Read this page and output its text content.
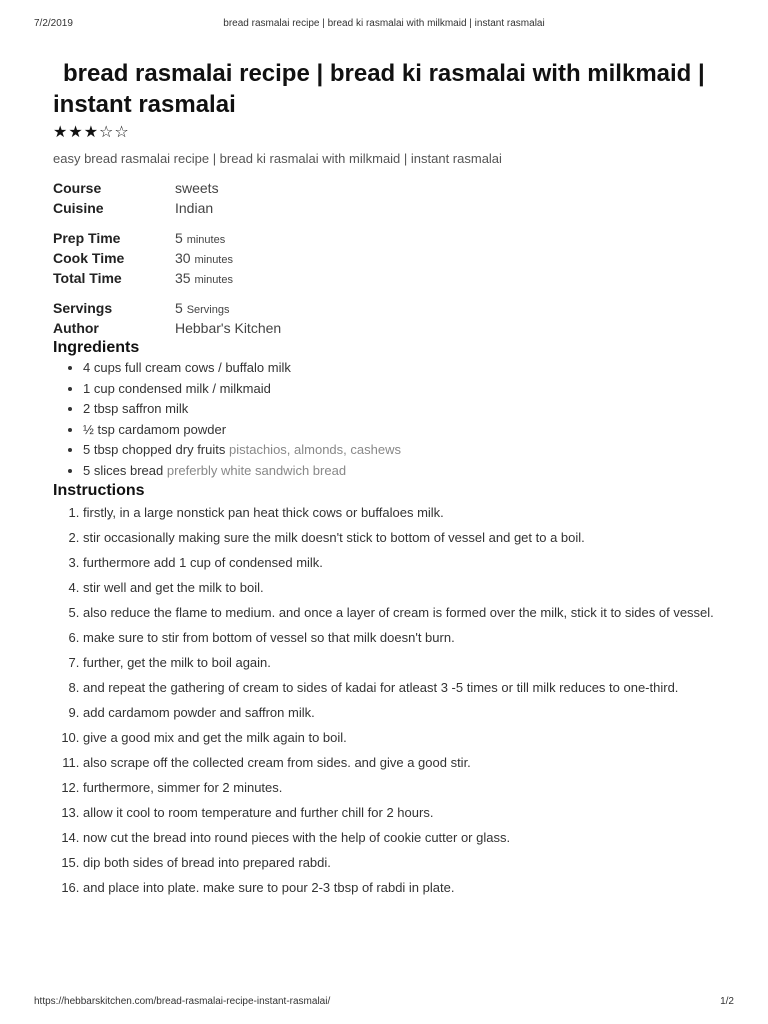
7/2/2019	bread rasmalai recipe | bread ki rasmalai with milkmaid | instant rasmalai
bread rasmalai recipe | bread ki rasmalai with milkmaid | instant rasmalai
★★★☆☆
easy bread rasmalai recipe | bread ki rasmalai with milkmaid | instant rasmalai
Course	sweets
Cuisine	Indian
Prep Time	5 minutes
Cook Time	30 minutes
Total Time	35 minutes
Servings	5 Servings
Author	Hebbar's Kitchen
Ingredients
• 4 cups full cream cows / buffalo milk
• 1 cup condensed milk / milkmaid
• 2 tbsp saffron milk
• ½ tsp cardamom powder
• 5 tbsp chopped dry fruits pistachios, almonds, cashews
• 5 slices bread preferbly white sandwich bread
Instructions
1. firstly, in a large nonstick pan heat thick cows or buffaloes milk.
2. stir occasionally making sure the milk doesn't stick to bottom of vessel and get to a boil.
3. furthermore add 1 cup of condensed milk.
4. stir well and get the milk to boil.
5. also reduce the flame to medium. and once a layer of cream is formed over the milk, stick it to sides of vessel.
6. make sure to stir from bottom of vessel so that milk doesn't burn.
7. further, get the milk to boil again.
8. and repeat the gathering of cream to sides of kadai for atleast 3 -5 times or till milk reduces to one-third.
9. add cardamom powder and saffron milk.
10. give a good mix and get the milk again to boil.
11. also scrape off the collected cream from sides. and give a good stir.
12. furthermore, simmer for 2 minutes.
13. allow it cool to room temperature and further chill for 2 hours.
14. now cut the bread into round pieces with the help of cookie cutter or glass.
15. dip both sides of bread into prepared rabdi.
16. and place into plate. make sure to pour 2-3 tbsp of rabdi in plate.
https://hebbarskitchen.com/bread-rasmalai-recipe-instant-rasmalai/	1/2
